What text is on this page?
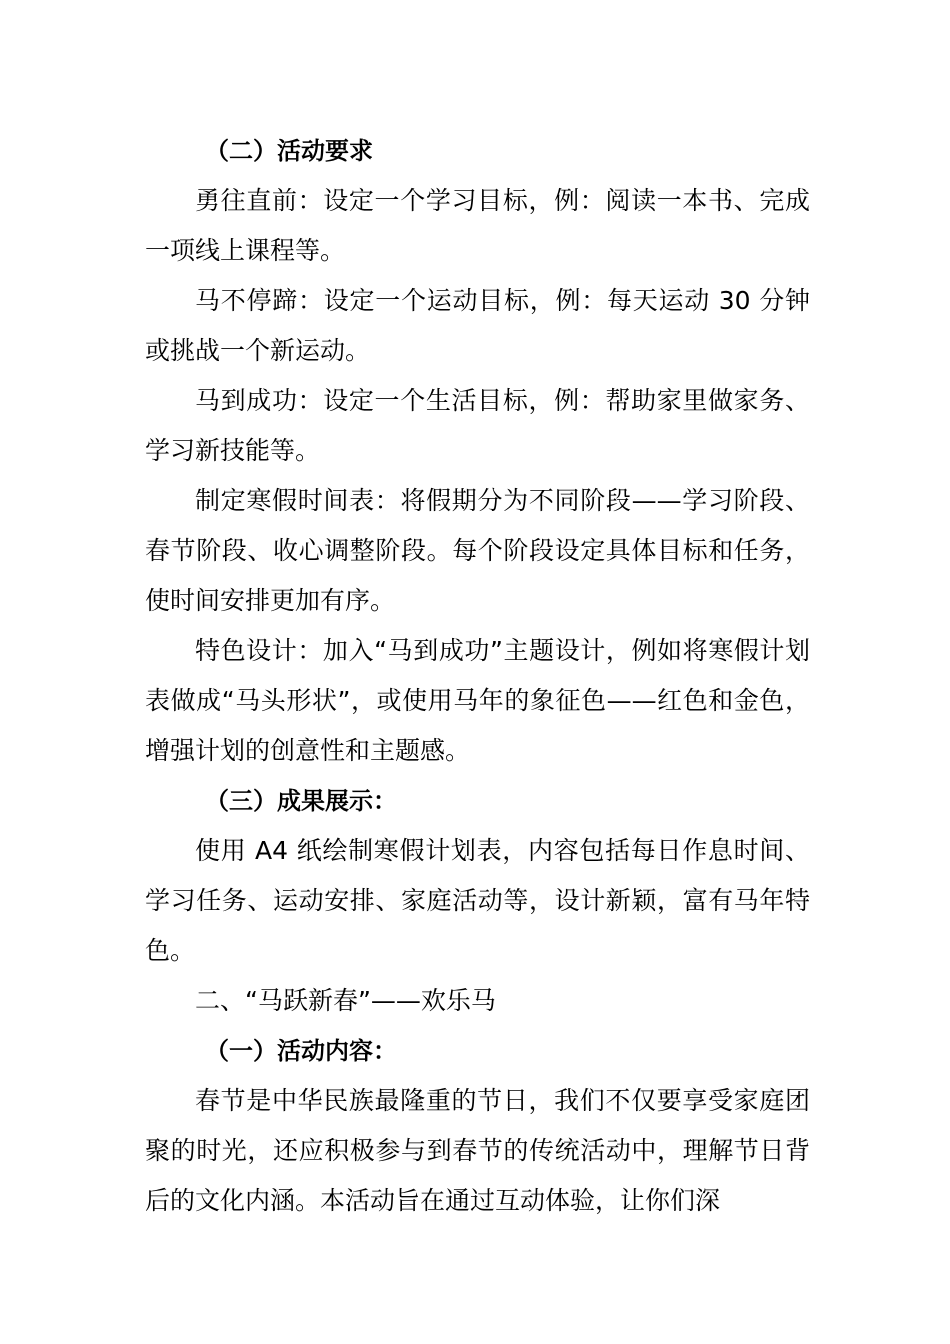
（二）活动要求

勇往直前：设定一个学习目标，例：阅读一本书、完成一项线上课程等。

马不停蹄：设定一个运动目标，例：每天运动 30 分钟或挑战一个新运动。

马到成功：设定一个生活目标，例：帮助家里做家务、学习新技能等。

制定寒假时间表：将假期分为不同阶段——学习阶段、春节阶段、收心调整阶段。每个阶段设定具体目标和任务，使时间安排更加有序。

特色设计：加入“马到成功”主题设计，例如将寒假计划表做成“马头形状”，或使用马年的象征色——红色和金色，增强计划的创意性和主题感。

（三）成果展示：

使用 A4 纸绘制寒假计划表，内容包括每日作息时间、学习任务、运动安排、家庭活动等，设计新颖，富有马年特色。

二、“马跃新春”——欢乐马

（一）活动内容：

春节是中华民族最隆重的节日，我们不仅要享受家庭团聚的时光，还应积极参与到春节的传统活动中，理解节日背后的文化内涵。本活动旨在通过互动体验，让你们深
